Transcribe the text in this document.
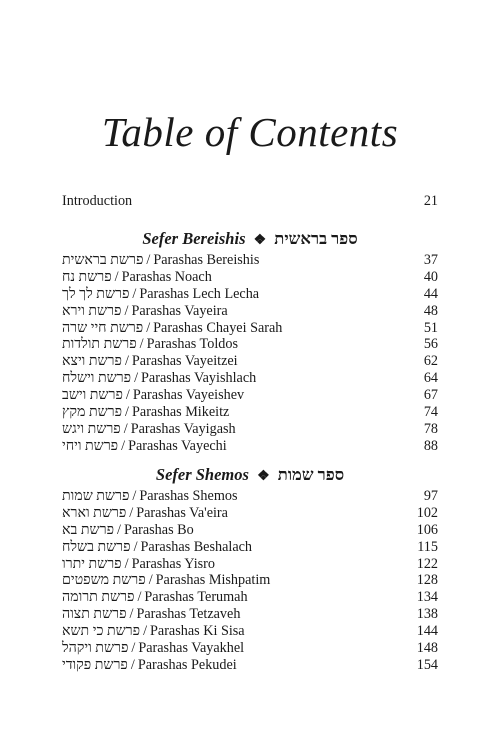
Table of Contents
Introduction	21
Sefer Bereishis ❖ ספר בראשית
פרשת בראשית / Parashas Bereishis	37
פרשת נח / Parashas Noach	40
פרשת לך לך / Parashas Lech Lecha	44
פרשת וירא / Parashas Vayeira	48
פרשת חיי שרה / Parashas Chayei Sarah	51
פרשת תולדות / Parashas Toldos	56
פרשת ויצא / Parashas Vayeitzei	62
פרשת וישלח / Parashas Vayishlach	64
פרשת וישב / Parashas Vayeishev	67
פרשת מקץ / Parashas Mikeitz	74
פרשת ויגש / Parashas Vayigash	78
פרשת ויחי / Parashas Vayechi	88
Sefer Shemos ❖ ספר שמות
פרשת שמות / Parashas Shemos	97
פרשת וארא / Parashas Va'eira	102
פרשת בא / Parashas Bo	106
פרשת בשלח / Parashas Beshalach	115
פרשת יתרו / Parashas Yisro	122
פרשת משפטים / Parashas Mishpatim	128
פרשת תרומה / Parashas Terumah	134
פרשת תצוה / Parashas Tetzaveh	138
פרשת כי תשא / Parashas Ki Sisa	144
פרשת ויקהל / Parashas Vayakhel	148
פרשת פקודי / Parashas Pekudei	154
